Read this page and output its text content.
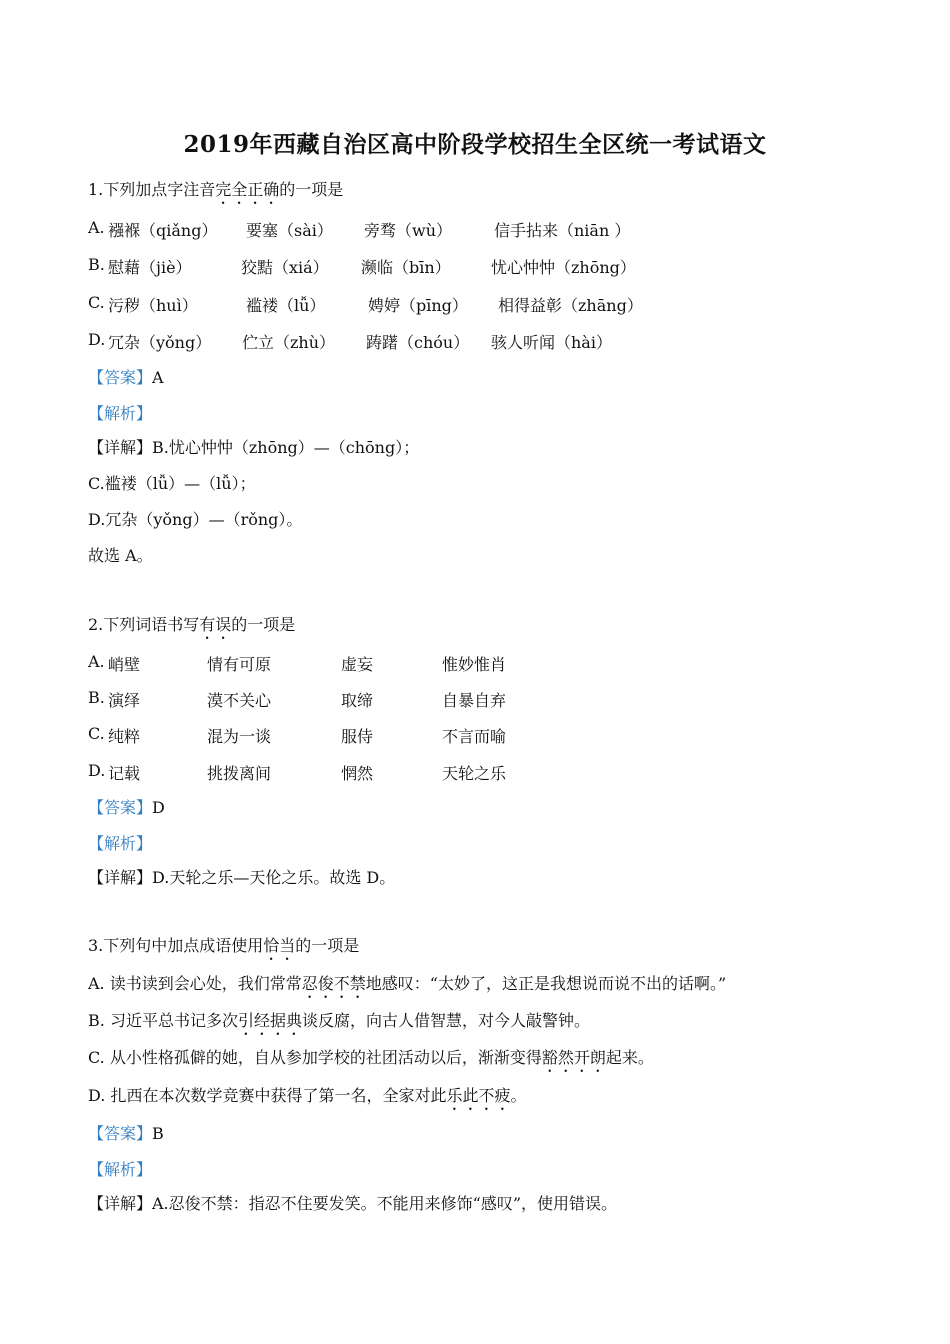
2019年西藏自治区高中阶段学校招生全区统一考试语文
1.下列加点字注音完全正确的一项是
A. 襁褓（qiǎng） 要塞（sài） 旁骛（wù）	信手拈来（niān ）
B. 慰藉（jiè）	狡黠（xiá） 濒临（bīn）	忧心忡忡（zhōng）
C. 污秽（huì）	褴褛（lǚ）	娉婷（pīng） 相得益彰（zhāng）
D. 冗杂（yǒng） 伫立（zhù） 踌躇（chóu） 骇人听闻（hài）
【答案】A
【解析】
【详解】B.忧心忡忡（zhōng）—（chōng）；
C.褴褛（lǚ）—（lǚ）；
D.冗杂（yǒng）—（rǒng）。
故选 A。
2.下列词语书写有误的一项是
A. 峭壁	情有可原	虚妄	惟妙惟肖
B. 演绎	漠不关心	取缔	自暴自弃
C. 纯粹	混为一谈	服侍	不言而喻
D. 记载	挑拨离间	惘然	天轮之乐
【答案】D
【解析】
【详解】D.天轮之乐—天伦之乐。故选 D。
3.下列句中加点成语使用恰当的一项是
A. 读书读到会心处，我们常常忍俊不禁地感叹：“太妙了，这正是我想说而说不出的话啊。”
B. 习近平总书记多次引经据典谈反腐，向古人借智慧，对今人敲警钟。
C. 从小性格孤僻的她，自从参加学校的社团活动以后，渐渐变得豁然开朗起来。
D. 扎西在本次数学竞赛中获得了第一名，全家对此乐此不疲。
【答案】B
【解析】
【详解】A.忍俊不禁：指忍不住要发笑。不能用来修饰“感叹”，使用错误。
